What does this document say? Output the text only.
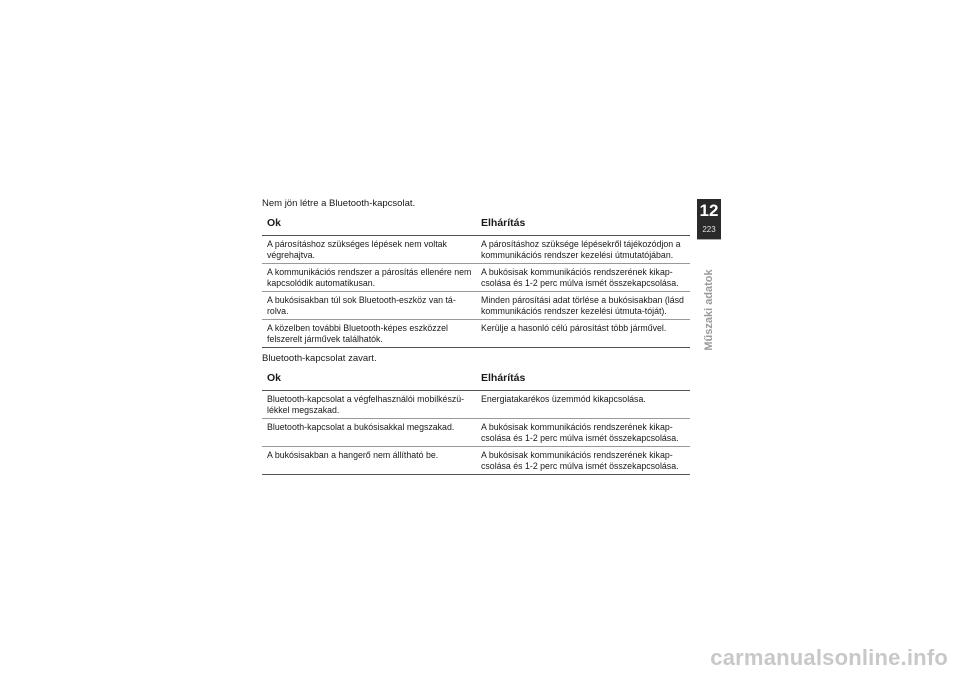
Nem jön létre a Bluetooth-kapcsolat.
Ok	Elhárítás
A párosításhoz szükséges lépések nem voltak végrehajtva.	A párosításhoz szüksége lépésekről tájékozódjon a kommunikációs rendszer kezelési útmutatójában.
A kommunikációs rendszer a párosítás ellenére nem kapcsolódik automatikusan.	A bukósisak kommunikációs rendszerének kikap-csolása és 1-2 perc múlva ismét összekapcsolása.
A bukósisakban túl sok Bluetooth-eszköz van tá-rolva.	Minden párosítási adat törlése a bukósisakban (lásd kommunikációs rendszer kezelési útmuta-tóját).
A közelben további Bluetooth-képes eszközzel felszerelt járművek találhatók.	Kerülje a hasonló célú párosítást több járművel.
Bluetooth-kapcsolat zavart.
Ok	Elhárítás
Bluetooth-kapcsolat a végfelhasználói mobilkészü-lékkel megszakad.	Energiatakarékos üzemmód kikapcsolása.
Bluetooth-kapcsolat a bukósisakkal megszakad.	A bukósisak kommunikációs rendszerének kikap-csolása és 1-2 perc múlva ismét összekapcsolása.
A bukósisakban a hangerő nem állítható be.	A bukósisak kommunikációs rendszerének kikap-csolása és 1-2 perc múlva ismét összekapcsolása.
12
223
Műszaki adatok
carmanualsonline.info
